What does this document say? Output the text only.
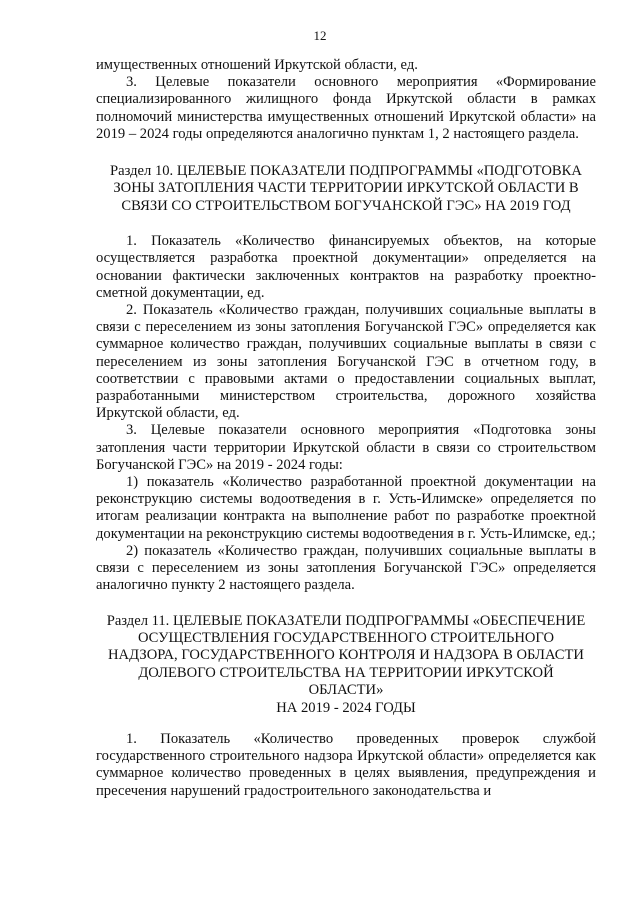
12

имущественных отношений Иркутской области, ед.

3. Целевые показатели основного мероприятия «Формирование специализированного жилищного фонда Иркутской области в рамках полномочий министерства имущественных отношений Иркутской области» на 2019 – 2024 годы определяются аналогично пунктам 1, 2 настоящего раздела.

Раздел 10. ЦЕЛЕВЫЕ ПОКАЗАТЕЛИ ПОДПРОГРАММЫ «ПОДГОТОВКА

ЗОНЫ ЗАТОПЛЕНИЯ ЧАСТИ ТЕРРИТОРИИ ИРКУТСКОЙ ОБЛАСТИ В

СВЯЗИ СО СТРОИТЕЛЬСТВОМ БОГУЧАНСКОЙ ГЭС» НА 2019 ГОД

1. Показатель «Количество финансируемых объектов, на которые осуществляется разработка проектной документации» определяется на основании фактически заключенных контрактов на разработку проектно-сметной документации, ед.

2. Показатель «Количество граждан, получивших социальные выплаты в связи с переселением из зоны затопления Богучанской ГЭС» определяется как суммарное количество граждан, получивших социальные выплаты в связи с переселением из зоны затопления Богучанской ГЭС в отчетном году, в соответствии с правовыми актами о предоставлении социальных выплат, разработанными министерством строительства, дорожного хозяйства Иркутской области, ед.

3. Целевые показатели основного мероприятия «Подготовка зоны затопления части территории Иркутской области в связи со строительством Богучанской ГЭС» на 2019 - 2024 годы:

1) показатель «Количество разработанной проектной документации на реконструкцию системы водоотведения в г. Усть-Илимске» определяется по итогам реализации контракта на выполнение работ по разработке проектной документации на реконструкцию системы водоотведения в г. Усть-Илимске, ед.;

2) показатель «Количество граждан, получивших социальные выплаты в связи с переселением из зоны затопления Богучанской ГЭС» определяется аналогично пункту 2 настоящего раздела.

Раздел 11. ЦЕЛЕВЫЕ ПОКАЗАТЕЛИ ПОДПРОГРАММЫ «ОБЕСПЕЧЕНИЕ

ОСУЩЕСТВЛЕНИЯ ГОСУДАРСТВЕННОГО СТРОИТЕЛЬНОГО

НАДЗОРА, ГОСУДАРСТВЕННОГО КОНТРОЛЯ И НАДЗОРА В ОБЛАСТИ

ДОЛЕВОГО СТРОИТЕЛЬСТВА НА ТЕРРИТОРИИ ИРКУТСКОЙ

ОБЛАСТИ»

НА 2019 - 2024 ГОДЫ

1. Показатель «Количество проведенных проверок службой государственного строительного надзора Иркутской области» определяется как суммарное количество проведенных в целях выявления, предупреждения и пресечения нарушений градостроительного законодательства и
